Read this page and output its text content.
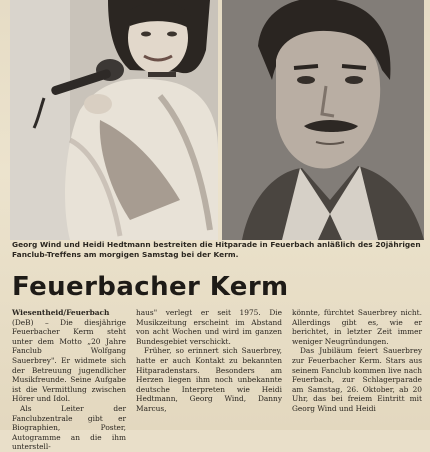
Georg Wind und Heidi Hedtmann bestreiten die Hitparade in Feuerbach anläßlich des 20jährigen
Fanclub-Treffens am morgigen Samstag bei der Kerm.
Feuerbacher Kerm

Wiesentheid/Feuerbach (DeB) – Die diesjährige Feuerbacher Kerm steht unter dem Motto „20 Jahre Fanclub Wolfgang Sauerbrey". Er widmete sich der Betreuung jugendlicher Musikfreunde. Seine Aufgabe ist die Vermittlung zwischen Hörer und Idol.

Als Leiter der Fanclubzentrale gibt er Biographien, Poster, Autogramme an die ihm unterstell-

haus" verlegt er seit 1975. Die Musikzeitung erscheint im Abstand von acht Wochen und wird im ganzen Bundesgebiet verschickt.

Früher, so erinnert sich Sauerbrey, hatte er auch Kontakt zu bekannten Hitparadenstars. Besonders am Herzen liegen ihm noch unbekannte deutsche Interpreten wie Heidi Hedtmann, Georg Wind, Danny Marcus,

könnte, fürchtet Sauerbrey nicht. Allerdings gibt es, wie er berichtet, in letzter Zeit immer weniger Neugründungen.

Das Jubiläum feiert Sauerbrey zur Feuerbacher Kerm. Stars aus seinem Fanclub kommen live nach Feuerbach, zur Schlagerparade am Samstag, 26. Oktober, ab 20 Uhr, das bei freiem Eintritt mit Georg Wind und Heidi
